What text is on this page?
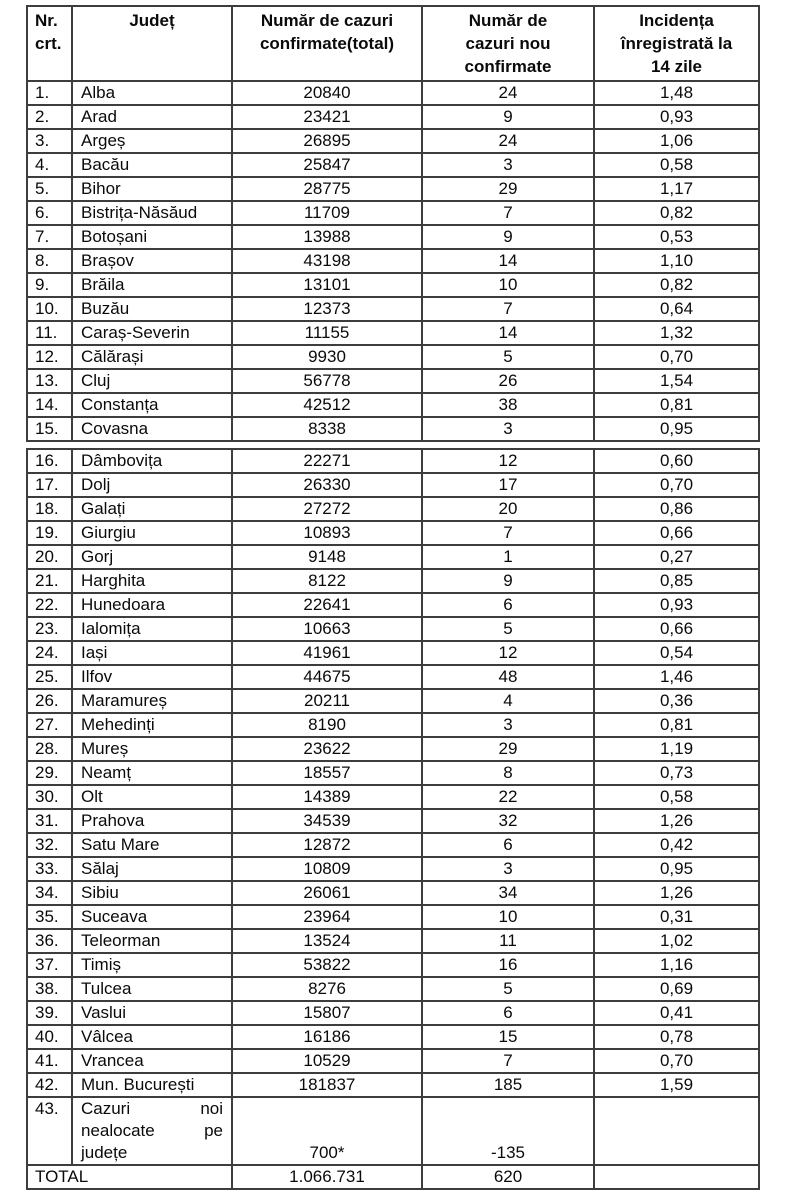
Nr. crt.	Județ	Număr de cazuri confirmate(total)	Număr de cazuri nou confirmate	Incidența înregistrată la 14 zile
1.	Alba	20840	24	1,48
2.	Arad	23421	9	0,93
3.	Argeș	26895	24	1,06
4.	Bacău	25847	3	0,58
5.	Bihor	28775	29	1,17
6.	Bistrița-Năsăud	11709	7	0,82
7.	Botoșani	13988	9	0,53
8.	Brașov	43198	14	1,10
9.	Brăila	13101	10	0,82
10.	Buzău	12373	7	0,64
11.	Caraș-Severin	11155	14	1,32
12.	Călărași	9930	5	0,70
13.	Cluj	56778	26	1,54
14.	Constanța	42512	38	0,81
15.	Covasna	8338	3	0,95
16.	Dâmbovița	22271	12	0,60
17.	Dolj	26330	17	0,70
18.	Galați	27272	20	0,86
19.	Giurgiu	10893	7	0,66
20.	Gorj	9148	1	0,27
21.	Harghita	8122	9	0,85
22.	Hunedoara	22641	6	0,93
23.	Ialomița	10663	5	0,66
24.	Iași	41961	12	0,54
25.	Ilfov	44675	48	1,46
26.	Maramureș	20211	4	0,36
27.	Mehedinți	8190	3	0,81
28.	Mureș	23622	29	1,19
29.	Neamț	18557	8	0,73
30.	Olt	14389	22	0,58
31.	Prahova	34539	32	1,26
32.	Satu Mare	12872	6	0,42
33.	Sălaj	10809	3	0,95
34.	Sibiu	26061	34	1,26
35.	Suceava	23964	10	0,31
36.	Teleorman	13524	11	1,02
37.	Timiș	53822	16	1,16
38.	Tulcea	8276	5	0,69
39.	Vaslui	15807	6	0,41
40.	Vâlcea	16186	15	0,78
41.	Vrancea	10529	7	0,70
42.	Mun. București	181837	185	1,59
43.	Cazuri noi
nealocate pe
județe	700*	-135	
TOTAL		1.066.731	620	
